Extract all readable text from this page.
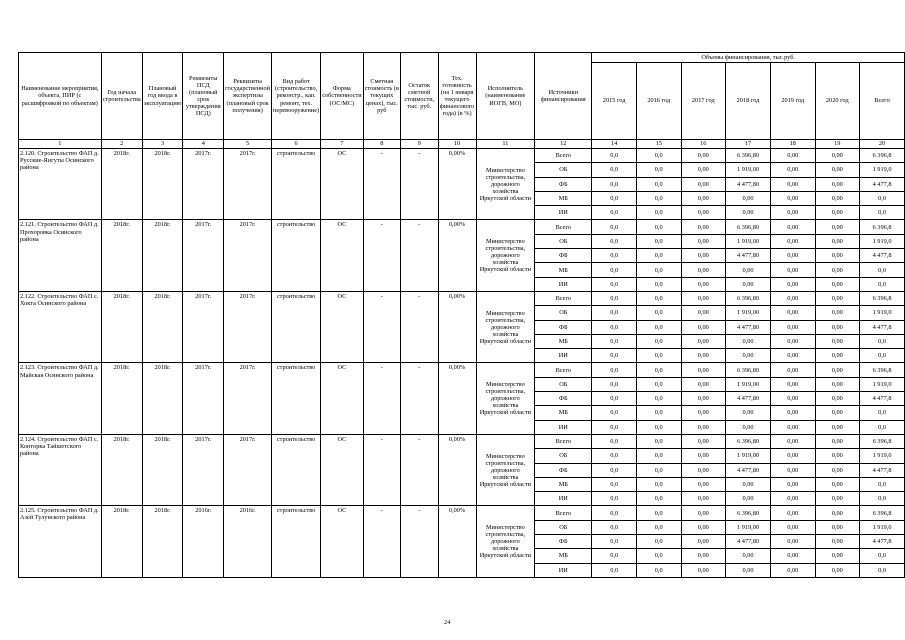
Наименование мероприятия, объекта, ПИР (с расшифровкой по объектам)	Год начала строительства	Плановый год ввода в эксплуатацию	Реквизиты ПСД (плановый срок утверждения ПСД)	Реквизиты государственной экспертизы (плановый срок получения)	Вид работ (строительство, реконстр., кап. ремонт, тех. перевооружение)	Форма собственности (ОС/МС)	Сметная стоимость (в текущих ценах), тыс. руб	Остаток сметной стоимости, тыс. руб.	Тех. готовность (на 1 января текущего финансового года) (в %)	Исполнитель (наименование ИОГВ, МО)	Источники финансирования	Объемы финансирования, тыс.руб.						
												2015 год	2016 год	2017 год	2018 год	2019 год	2020 год	Всего
1	2	3	4	5	6	7	8	9	10	11	12	14	15	16	17	18	19	20
2.120. Строительство ФАП д. Русские-Янгуты Осинского района	2018г.	2018г.	2017г.	2017г.	строительство	ОС	-	-	0,00%	Министерство строительства, дорожного хозяйства Иркутской области	Всего	0,0	0,0	0,00	6 396,80	0,00	0,00	6 396,8
											ОБ	0,0	0,0	0,00	1 919,00	0,00	0,00	1 919,0
											ФБ	0,0	0,0	0,00	4 477,80	0,00	0,00	4 477,8
											МБ	0,0	0,0	0,00	0,00	0,00	0,00	0,0
											ИИ	0,0	0,0	0,00	0,00	0,00	0,00	0,0
2.121. Строительство ФАП д. Прохоровка Осинского района	2018г.	2018г.	2017г.	2017г.	строительство	ОС	-	-	0,00%	Министерство строительства, дорожного хозяйства Иркутской области	Всего	0,0	0,0	0,00	6 396,80	0,00	0,00	6 396,8
											ОБ	0,0	0,0	0,00	1 919,00	0,00	0,00	1 919,0
											ФБ	0,0	0,0	0,00	4 477,80	0,00	0,00	4 477,8
											МБ	0,0	0,0	0,00	0,00	0,00	0,00	0,0
											ИИ	0,0	0,0	0,00	0,00	0,00	0,00	0,0
2.122. Строительство ФАП с. Хокта Осинского района	2018г.	2018г.	2017г.	2017г.	строительство	ОС	-	-	0,00%	Министерство строительства, дорожного хозяйства Иркутской области	Всего	0,0	0,0	0,00	6 396,80	0,00	0,00	6 396,8
											ОБ	0,0	0,0	0,00	1 919,00	0,00	0,00	1 919,0
											ФБ	0,0	0,0	0,00	4 477,80	0,00	0,00	4 477,8
											МБ	0,0	0,0	0,00	0,00	0,00	0,00	0,0
											ИИ	0,0	0,0	0,00	0,00	0,00	0,00	0,0
2.123. Строительство ФАП д. Майская Осинского района	2018г.	2018г.	2017г.	2017г.	строительство	ОС	-	-	0,00%	Министерство строительства, дорожного хозяйства Иркутской области	Всего	0,0	0,0	0,00	6 396,80	0,00	0,00	6 396,8
											ОБ	0,0	0,0	0,00	1 919,00	0,00	0,00	1 919,0
											ФБ	0,0	0,0	0,00	4 477,80	0,00	0,00	4 477,8
											МБ	0,0	0,0	0,00	0,00	0,00	0,00	0,0
											ИИ	0,0	0,0	0,00	0,00	0,00	0,00	0,0
2.124. Строительство ФАП с. Конторка Тайшетского района	2018г.	2018г.	2017г.	2017г.	строительство	ОС	-	-	0,00%	Министерство строительства, дорожного хозяйства Иркутской области	Всего	0,0	0,0	0,00	6 396,80	0,00	0,00	6 396,8
											ОБ	0,0	0,0	0,00	1 919,00	0,00	0,00	1 919,0
											ФБ	0,0	0,0	0,00	4 477,80	0,00	0,00	4 477,8
											МБ	0,0	0,0	0,00	0,00	0,00	0,00	0,0
											ИИ	0,0	0,0	0,00	0,00	0,00	0,00	0,0
2.125. Строительство ФАП д. Азей Тулунского района	2018г.	2018г.	2016г.	2016г.	строительство	ОС	-	-	0,00%	Министерство строительства, дорожного хозяйства Иркутской области	Всего	0,0	0,0	0,00	6 396,80	0,00	0,00	6 396,8
											ОБ	0,0	0,0	0,00	1 919,00	0,00	0,00	1 919,0
											ФБ	0,0	0,0	0,00	4 477,80	0,00	0,00	4 477,8
											МБ	0,0	0,0	0,00	0,00	0,00	0,00	0,0
											ИИ	0,0	0,0	0,00	0,00	0,00	0,00	0,0
24
